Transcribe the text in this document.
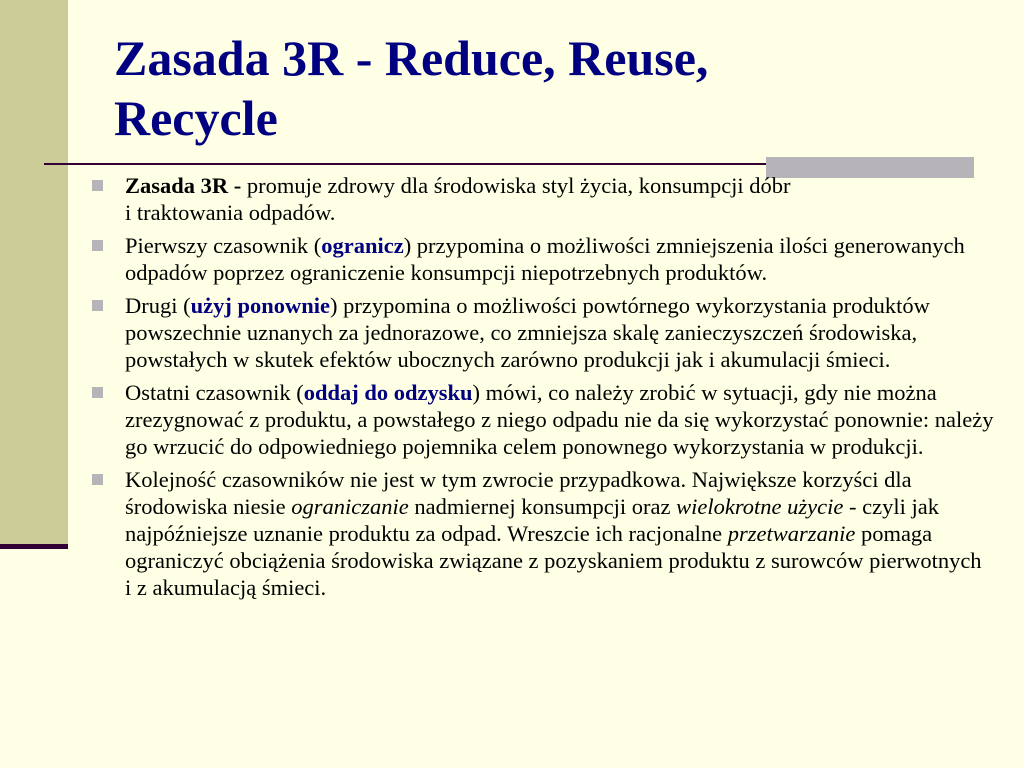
Zasada 3R - Reduce, Reuse,
Recycle
Zasada 3R - promuje zdrowy dla środowiska styl życia, konsumpcji dóbr
i traktowania odpadów.
Pierwszy czasownik (ogranicz) przypomina o możliwości zmniejszenia ilości generowanych odpadów poprzez ograniczenie konsumpcji niepotrzebnych produktów.
Drugi (użyj ponownie) przypomina o możliwości powtórnego wykorzystania produktów powszechnie uznanych za jednorazowe, co zmniejsza skalę zanieczyszczeń środowiska, powstałych w skutek efektów ubocznych zarówno produkcji jak i akumulacji śmieci.
Ostatni czasownik (oddaj do odzysku) mówi, co należy zrobić w sytuacji, gdy nie można zrezygnować z produktu, a powstałego z niego odpadu nie da się wykorzystać ponownie: należy go wrzucić do odpowiedniego pojemnika celem ponownego wykorzystania w produkcji.
Kolejność czasowników nie jest w tym zwrocie przypadkowa. Największe korzyści dla środowiska niesie ograniczanie nadmiernej konsumpcji oraz wielokrotne użycie - czyli jak najpóźniejsze uznanie produktu za odpad. Wreszcie ich racjonalne przetwarzanie pomaga ograniczyć obciążenia środowiska związane z pozyskaniem produktu z surowców pierwotnych
i z akumulacją śmieci.
